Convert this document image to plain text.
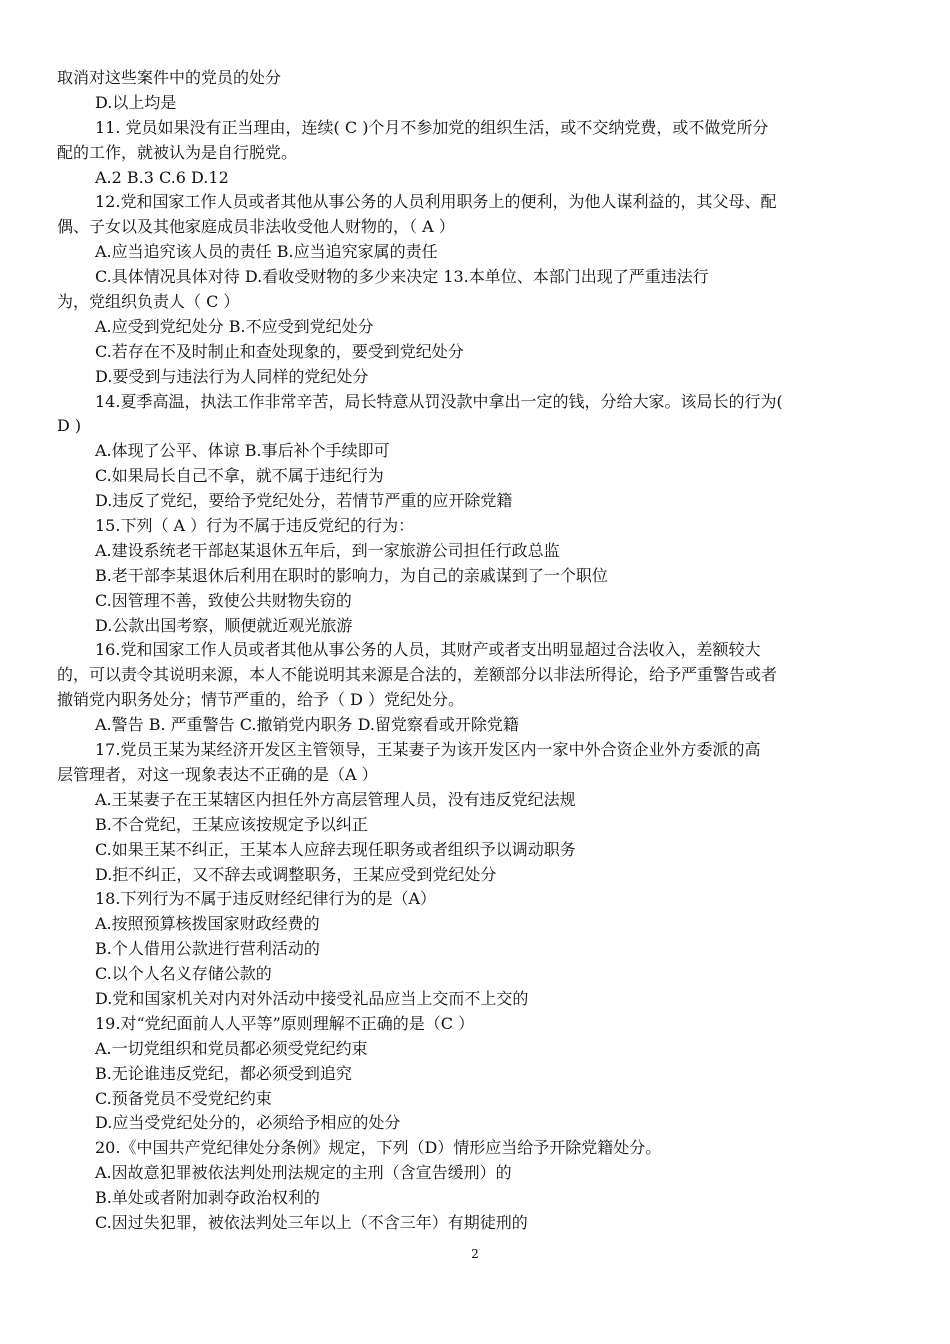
取消对这些案件中的党员的处分
D.以上均是
11. 党员如果没有正当理由，连续( C )个月不参加党的组织生活，或不交纳党费，或不做党所分
配的工作，就被认为是自行脱党。
A.2 B.3 C.6 D.12
12.党和国家工作人员或者其他从事公务的人员利用职务上的便利，为他人谋利益的，其父母、配
偶、子女以及其他家庭成员非法收受他人财物的，（ A ）
A.应当追究该人员的责任 B.应当追究家属的责任
C.具体情况具体对待 D.看收受财物的多少来决定 13.本单位、本部门出现了严重违法行
为，党组织负责人（ C ）
A.应受到党纪处分 B.不应受到党纪处分
C.若存在不及时制止和查处现象的，要受到党纪处分
D.要受到与违法行为人同样的党纪处分
14.夏季高温，执法工作非常辛苦，局长特意从罚没款中拿出一定的钱，分给大家。该局长的行为(
D )
A.体现了公平、体谅 B.事后补个手续即可
C.如果局长自己不拿，就不属于违纪行为
D.违反了党纪，要给予党纪处分，若情节严重的应开除党籍
15.下列（ A ）行为不属于违反党纪的行为：
A.建设系统老干部赵某退休五年后，到一家旅游公司担任行政总监
B.老干部李某退休后利用在职时的影响力，为自己的亲戚谋到了一个职位
C.因管理不善，致使公共财物失窃的
D.公款出国考察，顺便就近观光旅游
16.党和国家工作人员或者其他从事公务的人员，其财产或者支出明显超过合法收入，差额较大
的，可以责令其说明来源，本人不能说明其来源是合法的，差额部分以非法所得论，给予严重警告或者
撤销党内职务处分；情节严重的，给予（ D ）党纪处分。
A.警告 B. 严重警告 C.撤销党内职务 D.留党察看或开除党籍
17.党员王某为某经济开发区主管领导，王某妻子为该开发区内一家中外合资企业外方委派的高
层管理者，对这一现象表达不正确的是（A ）
A.王某妻子在王某辖区内担任外方高层管理人员，没有违反党纪法规
B.不合党纪，王某应该按规定予以纠正
C.如果王某不纠正，王某本人应辞去现任职务或者组织予以调动职务
D.拒不纠正，又不辞去或调整职务，王某应受到党纪处分
18.下列行为不属于违反财经纪律行为的是（A）
A.按照预算核拨国家财政经费的
B.个人借用公款进行营利活动的
C.以个人名义存储公款的
D.党和国家机关对内对外活动中接受礼品应当上交而不上交的
19.对“党纪面前人人平等”原则理解不正确的是（C ）
A.一切党组织和党员都必须受党纪约束
B.无论谁违反党纪，都必须受到追究
C.预备党员不受党纪约束
D.应当受党纪处分的，必须给予相应的处分
20.《中国共产党纪律处分条例》规定，下列（D）情形应当给予开除党籍处分。
A.因故意犯罪被依法判处刑法规定的主刑（含宣告缓刑）的
B.单处或者附加剥夺政治权利的
C.因过失犯罪，被依法判处三年以上（不含三年）有期徒刑的
2
